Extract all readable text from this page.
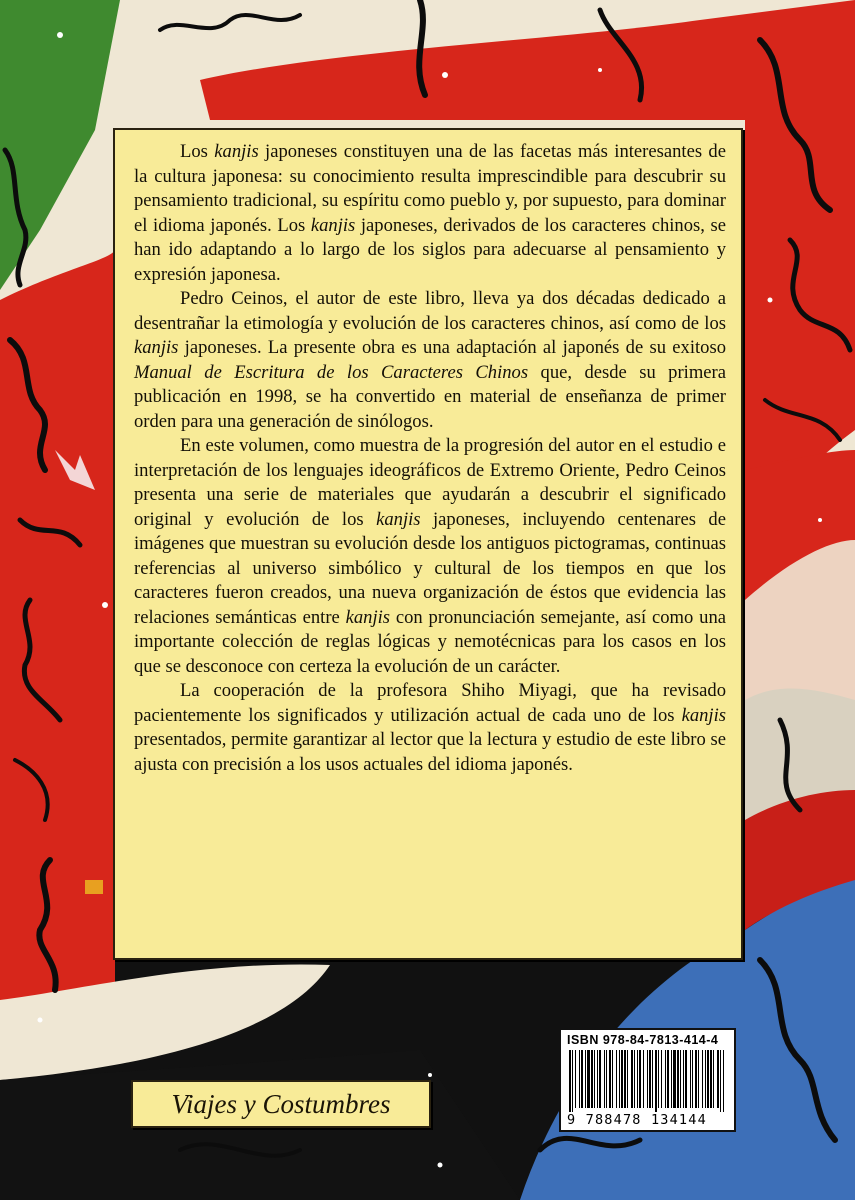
Los kanjis japoneses constituyen una de las facetas más interesantes de la cultura japonesa: su conocimiento resulta imprescindible para descubrir su pensamiento tradicional, su espíritu como pueblo y, por supuesto, para dominar el idioma japonés. Los kanjis japoneses, derivados de los caracteres chinos, se han ido adaptando a lo largo de los siglos para adecuarse al pensamiento y expresión japonesa.

Pedro Ceinos, el autor de este libro, lleva ya dos décadas dedicado a desentrañar la etimología y evolución de los caracteres chinos, así como de los kanjis japoneses. La presente obra es una adaptación al japonés de su exitoso Manual de Escritura de los Caracteres Chinos que, desde su primera publicación en 1998, se ha convertido en material de enseñanza de primer orden para una generación de sinólogos.

En este volumen, como muestra de la progresión del autor en el estudio e interpretación de los lenguajes ideográficos de Extremo Oriente, Pedro Ceinos presenta una serie de materiales que ayudarán a descubrir el significado original y evolución de los kanjis japoneses, incluyendo centenares de imágenes que muestran su evolución desde los antiguos pictogramas, continuas referencias al universo simbólico y cultural de los tiempos en que los caracteres fueron creados, una nueva organización de éstos que evidencia las relaciones semánticas entre kanjis con pronunciación semejante, así como una importante colección de reglas lógicas y nemotécnicas para los casos en los que se desconoce con certeza la evolución de un carácter.

La cooperación de la profesora Shiho Miyagi, que ha revisado pacientemente los significados y utilización actual de cada uno de los kanjis presentados, permite garantizar al lector que la lectura y estudio de este libro se ajusta con precisión a los usos actuales del idioma japonés.

ISBN 978-84-7813-414-4
9 788478 134144
Viajes y Costumbres
